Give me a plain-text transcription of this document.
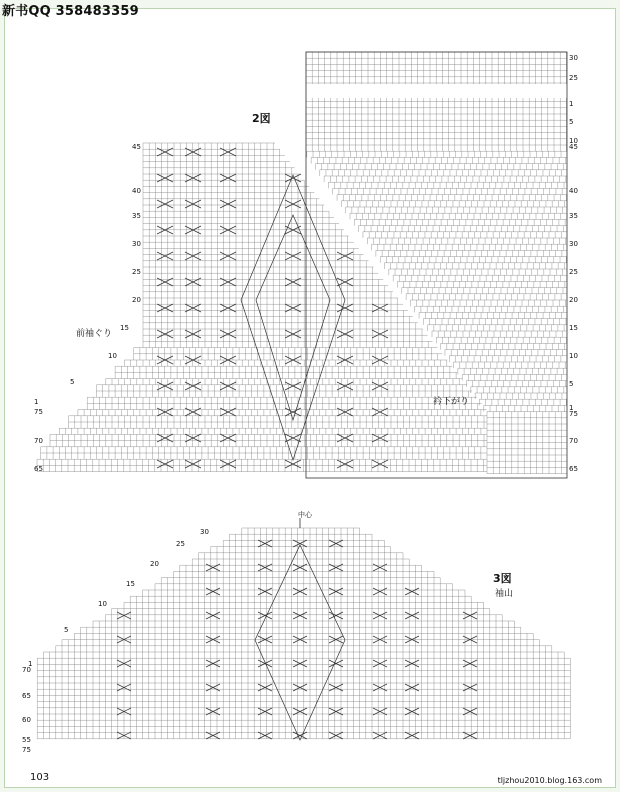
新书QQ 358483359
2図
前袖ぐり
衿下がり
30
25
1
5
10
45
40
35
30
25
20
15
10
5
1
75
70
65
45
40
35
30
25
20
15
10
5
1
75
70
65
3図
袖山
中心
30
25
20
15
10
5
1
70
65
60
55
75
103	tljzhou2010.blog.163.com
